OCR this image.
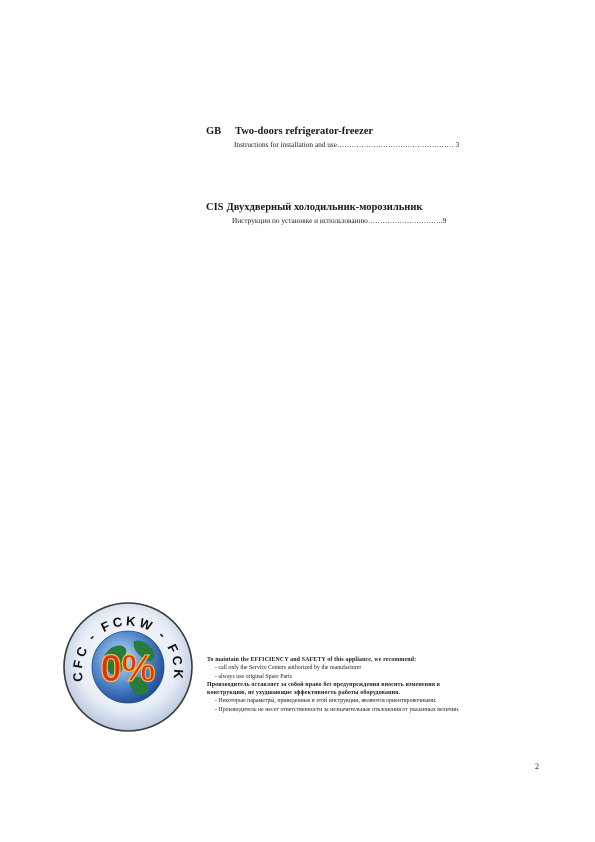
GB Two-doors refrigerator-freezer
Instructions for installation and use………………………………………… 3
CIS Двухдверный холодильник-морозильник
Инструкции по установке и использованию………………………….9
CFC - FCKW - FCK
0%	To maintain the EFFICIENCY and SAFETY of this appliance, we recommend:
- call only the Service Centers authorized by the manufacturer
- always use original Spare Parts
Производитель оставляет за собой право без предупреждения вносить изменения в
конструкцию, не ухудшающие эффективность работы оборудования.
- Некоторые параметры, приведенные в этой инструкции, являются ориентировочными.
- Производитель не несет ответственности за незначительные отклонения от указанных величин.
2
